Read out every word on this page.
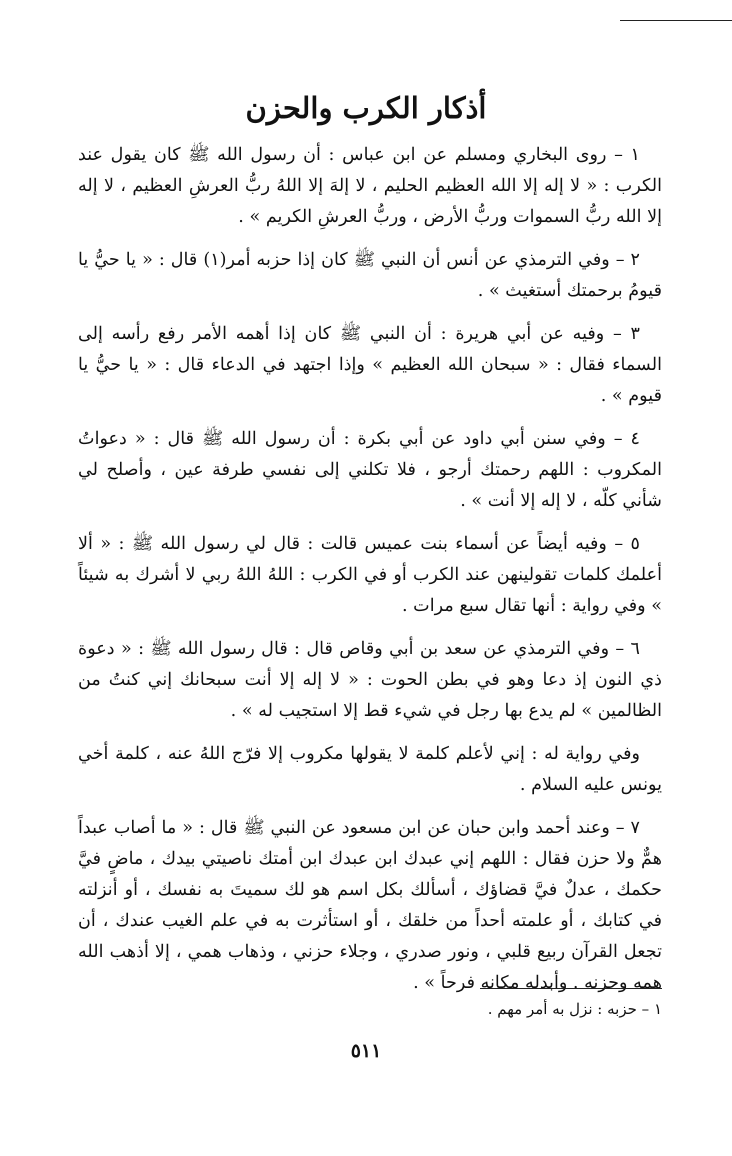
أذكار الكرب والحزن

١ – روى البخاري ومسلم عن ابن عباس : أن رسول الله ﷺ كان يقول عند الكرب : « لا إله إلا الله العظيم الحليم ، لا إلهَ إلا اللهُ ربُّ العرشِ العظيم ، لا إله إلا الله ربُّ السموات وربُّ الأرض ، وربُّ العرشِ الكريم » .

٢ – وفي الترمذي عن أنس أن النبي ﷺ كان إذا حزبه أمر(١) قال : « يا حيُّ يا قيومُ برحمتك أستغيث » .

٣ – وفيه عن أبي هريرة : أن النبي ﷺ كان إذا أهمه الأمر رفع رأسه إلى السماء فقال : « سبحان الله العظيم » وإذا اجتهد في الدعاء قال : « يا حيُّ يا قيوم » .

٤ – وفي سنن أبي داود عن أبي بكرة : أن رسول الله ﷺ قال : « دعواتُ المكروب : اللهم رحمتك أرجو ، فلا تكلني إلى نفسي طرفة عين ، وأصلح لي شأني كلّه ، لا إله إلا أنت » .

٥ – وفيه أيضاً عن أسماء بنت عميس قالت : قال لي رسول الله ﷺ : « ألا أعلمك كلمات تقولينهن عند الكرب أو في الكرب : اللهُ اللهُ ربي لا أشرك به شيئاً » وفي رواية : أنها تقال سبع مرات .

٦ – وفي الترمذي عن سعد بن أبي وقاص قال : قال رسول الله ﷺ : « دعوة ذي النون إذ دعا وهو في بطن الحوت : « لا إله إلا أنت سبحانك إني كنتُ من الظالمين » لم يدع بها رجل في شيء قط إلا استجيب له » .

وفي رواية له : إني لأعلم كلمة لا يقولها مكروب إلا فرّج اللهُ عنه ، كلمة أخي يونس عليه السلام .

٧ – وعند أحمد وابن حبان عن ابن مسعود عن النبي ﷺ قال : « ما أصاب عبداً همٌّ ولا حزن فقال : اللهم إني عبدك ابن عبدك ابن أمتك ناصيتي بيدك ، ماضٍ فيَّ حكمك ، عدلٌ فيَّ قضاؤك ، أسألك بكل اسم هو لك سميتَ به نفسك ، أو أنزلته في كتابك ، أو علمته أحداً من خلقك ، أو استأثرت به في علم الغيب عندك ، أن تجعل القرآن ربيع قلبي ، ونور صدري ، وجلاء حزني ، وذهاب همي ، إلا أذهب الله همه وحزنه . وأبدله مكانه فرحاً » .

١ – حزبه : نزل به أمر مهم .
٥١١
